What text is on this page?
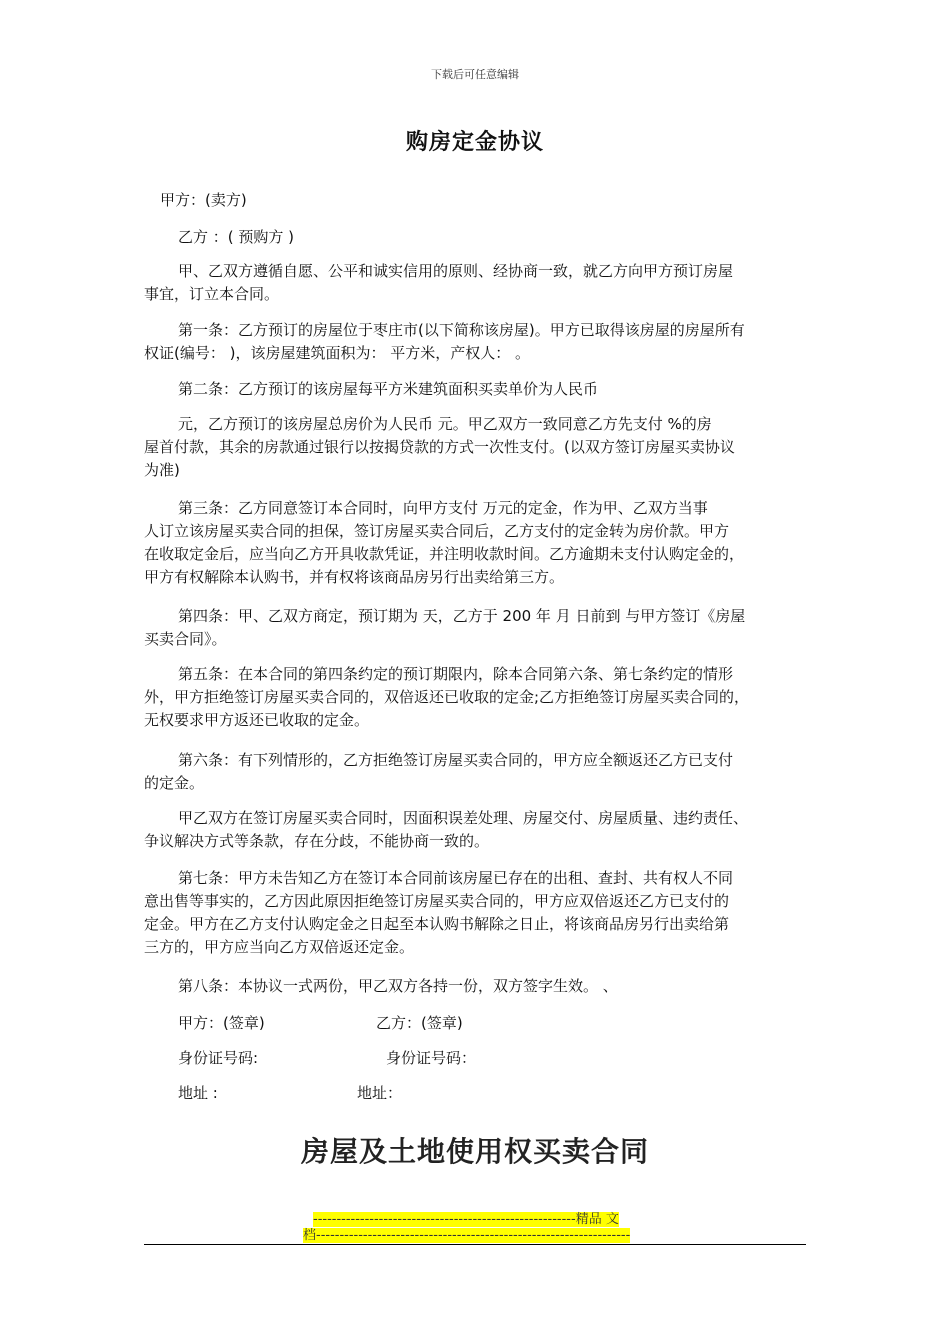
下载后可任意编辑
购房定金协议
甲方：(卖方)
乙方 ：( 预购方 )
甲、乙双方遵循自愿、公平和诚实信用的原则、经协商一致，就乙方向甲方预订房屋
事宜，订立本合同。
第一条：乙方预订的房屋位于枣庄市(以下简称该房屋)。甲方已取得该房屋的房屋所有
权证(编号： )，该房屋建筑面积为： 平方米，产权人： 。
第二条：乙方预订的该房屋每平方米建筑面积买卖单价为人民币
元，乙方预订的该房屋总房价为人民币 元。甲乙双方一致同意乙方先支付 %的房
屋首付款，其余的房款通过银行以按揭贷款的方式一次性支付。(以双方签订房屋买卖协议
为准)
第三条：乙方同意签订本合同时，向甲方支付 万元的定金，作为甲、乙双方当事
人订立该房屋买卖合同的担保，签订房屋买卖合同后，乙方支付的定金转为房价款。甲方
在收取定金后，应当向乙方开具收款凭证，并注明收款时间。乙方逾期未支付认购定金的，
甲方有权解除本认购书，并有权将该商品房另行出卖给第三方。
第四条：甲、乙双方商定，预订期为 天，乙方于 200 年 月 日前到 与甲方签订《房屋
买卖合同》。
第五条：在本合同的第四条约定的预订期限内，除本合同第六条、第七条约定的情形
外，甲方拒绝签订房屋买卖合同的，双倍返还已收取的定金;乙方拒绝签订房屋买卖合同的，
无权要求甲方返还已收取的定金。
第六条：有下列情形的，乙方拒绝签订房屋买卖合同的，甲方应全额返还乙方已支付
的定金。
甲乙双方在签订房屋买卖合同时，因面积误差处理、房屋交付、房屋质量、违约责任、
争议解决方式等条款，存在分歧，不能协商一致的。
第七条：甲方未告知乙方在签订本合同前该房屋已存在的出租、查封、共有权人不同
意出售等事实的，乙方因此原因拒绝签订房屋买卖合同的，甲方应双倍返还乙方已支付的
定金。甲方在乙方支付认购定金之日起至本认购书解除之日止，将该商品房另行出卖给第
三方的，甲方应当向乙方双倍返还定金。
第八条：本协议一式两份，甲乙双方各持一份，双方签字生效。 、
甲方：(签章)	乙方：(签章)
身份证号码:	身份证号码：
地址 :	地址：
房屋及土地使用权买卖合同
--------------------------------------------------------精品 文
档-------------------------------------------------------------------
